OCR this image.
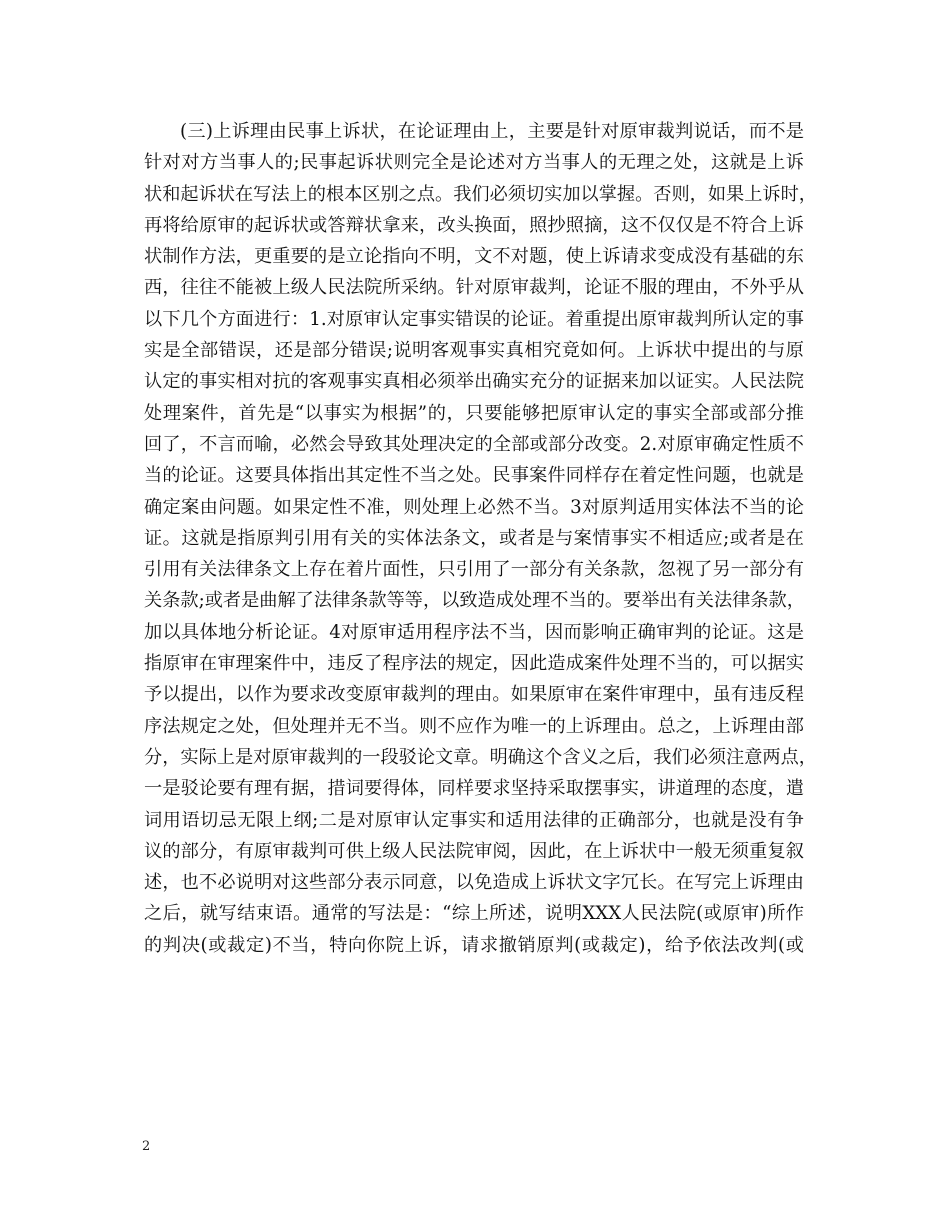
(三)上诉理由民事上诉状，在论证理由上，主要是针对原审裁判说话，而不是
针对对方当事人的;民事起诉状则完全是论述对方当事人的无理之处，这就是上诉
状和起诉状在写法上的根本区别之点。我们必须切实加以掌握。否则，如果上诉时，
再将给原审的起诉状或答辩状拿来，改头换面，照抄照摘，这不仅仅是不符合上诉
状制作方法，更重要的是立论指向不明，文不对题，使上诉请求变成没有基础的东
西，往往不能被上级人民法院所采纳。针对原审裁判，论证不服的理由，不外乎从
以下几个方面进行：1.对原审认定事实错误的论证。着重提出原审裁判所认定的事
实是全部错误，还是部分错误;说明客观事实真相究竟如何。上诉状中提出的与原
认定的事实相对抗的客观事实真相必须举出确实充分的证据来加以证实。人民法院
处理案件，首先是“以事实为根据”的，只要能够把原审认定的事实全部或部分推
回了，不言而喻，必然会导致其处理决定的全部或部分改变。2.对原审确定性质不
当的论证。这要具体指出其定性不当之处。民事案件同样存在着定性问题，也就是
确定案由问题。如果定性不准，则处理上必然不当。3对原判适用实体法不当的论
证。这就是指原判引用有关的实体法条文，或者是与案情事实不相适应;或者是在
引用有关法律条文上存在着片面性，只引用了一部分有关条款，忽视了另一部分有
关条款;或者是曲解了法律条款等等，以致造成处理不当的。要举出有关法律条款，
加以具体地分析论证。4对原审适用程序法不当，因而影响正确审判的论证。这是
指原审在审理案件中，违反了程序法的规定，因此造成案件处理不当的，可以据实
予以提出，以作为要求改变原审裁判的理由。如果原审在案件审理中，虽有违反程
序法规定之处，但处理并无不当。则不应作为唯一的上诉理由。总之，上诉理由部
分，实际上是对原审裁判的一段驳论文章。明确这个含义之后，我们必须注意两点，
一是驳论要有理有据，措词要得体，同样要求坚持采取摆事实，讲道理的态度，遣
词用语切忌无限上纲;二是对原审认定事实和适用法律的正确部分，也就是没有争
议的部分，有原审裁判可供上级人民法院审阅，因此，在上诉状中一般无须重复叙
述，也不必说明对这些部分表示同意，以免造成上诉状文字冗长。在写完上诉理由
之后，就写结束语。通常的写法是：“综上所述，说明XXX人民法院(或原审)所作
的判决(或裁定)不当，特向你院上诉，请求撤销原判(或裁定)，给予依法改判(或
2
